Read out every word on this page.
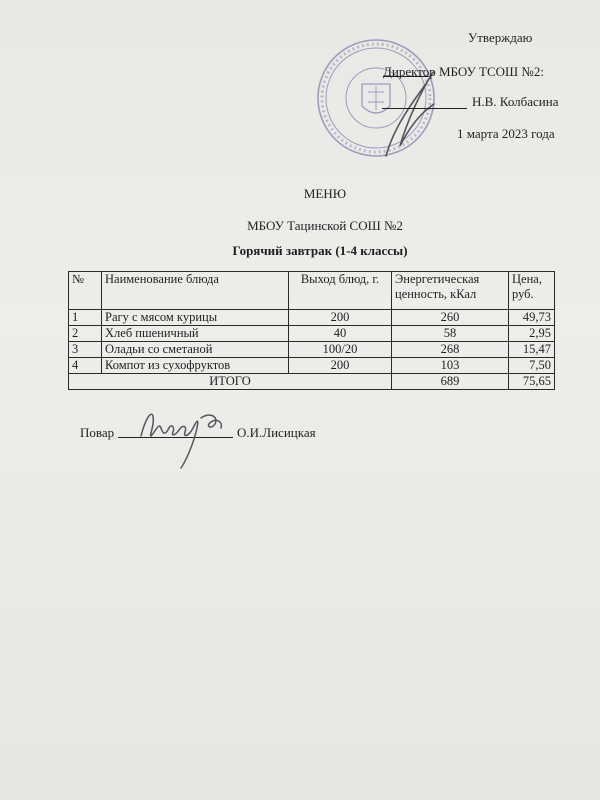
Утверждаю
Директор МБОУ ТСОШ №2:
Н.В. Колбасина
1 марта 2023 года
МЕНЮ
МБОУ Тацинской СОШ №2
Горячий завтрак (1-4 классы)
№	Наименование блюда	Выход блюд, г.	Энергетическая ценность, кКал	Цена, руб.
1	Рагу с мясом курицы	200	260	49,73
2	Хлеб пшеничный	40	58	2,95
3	Оладьи со сметаной	100/20	268	15,47
4	Компот из сухофруктов	200	103	7,50
ИТОГО			689	75,65
Повар	О.И.Лисицкая
